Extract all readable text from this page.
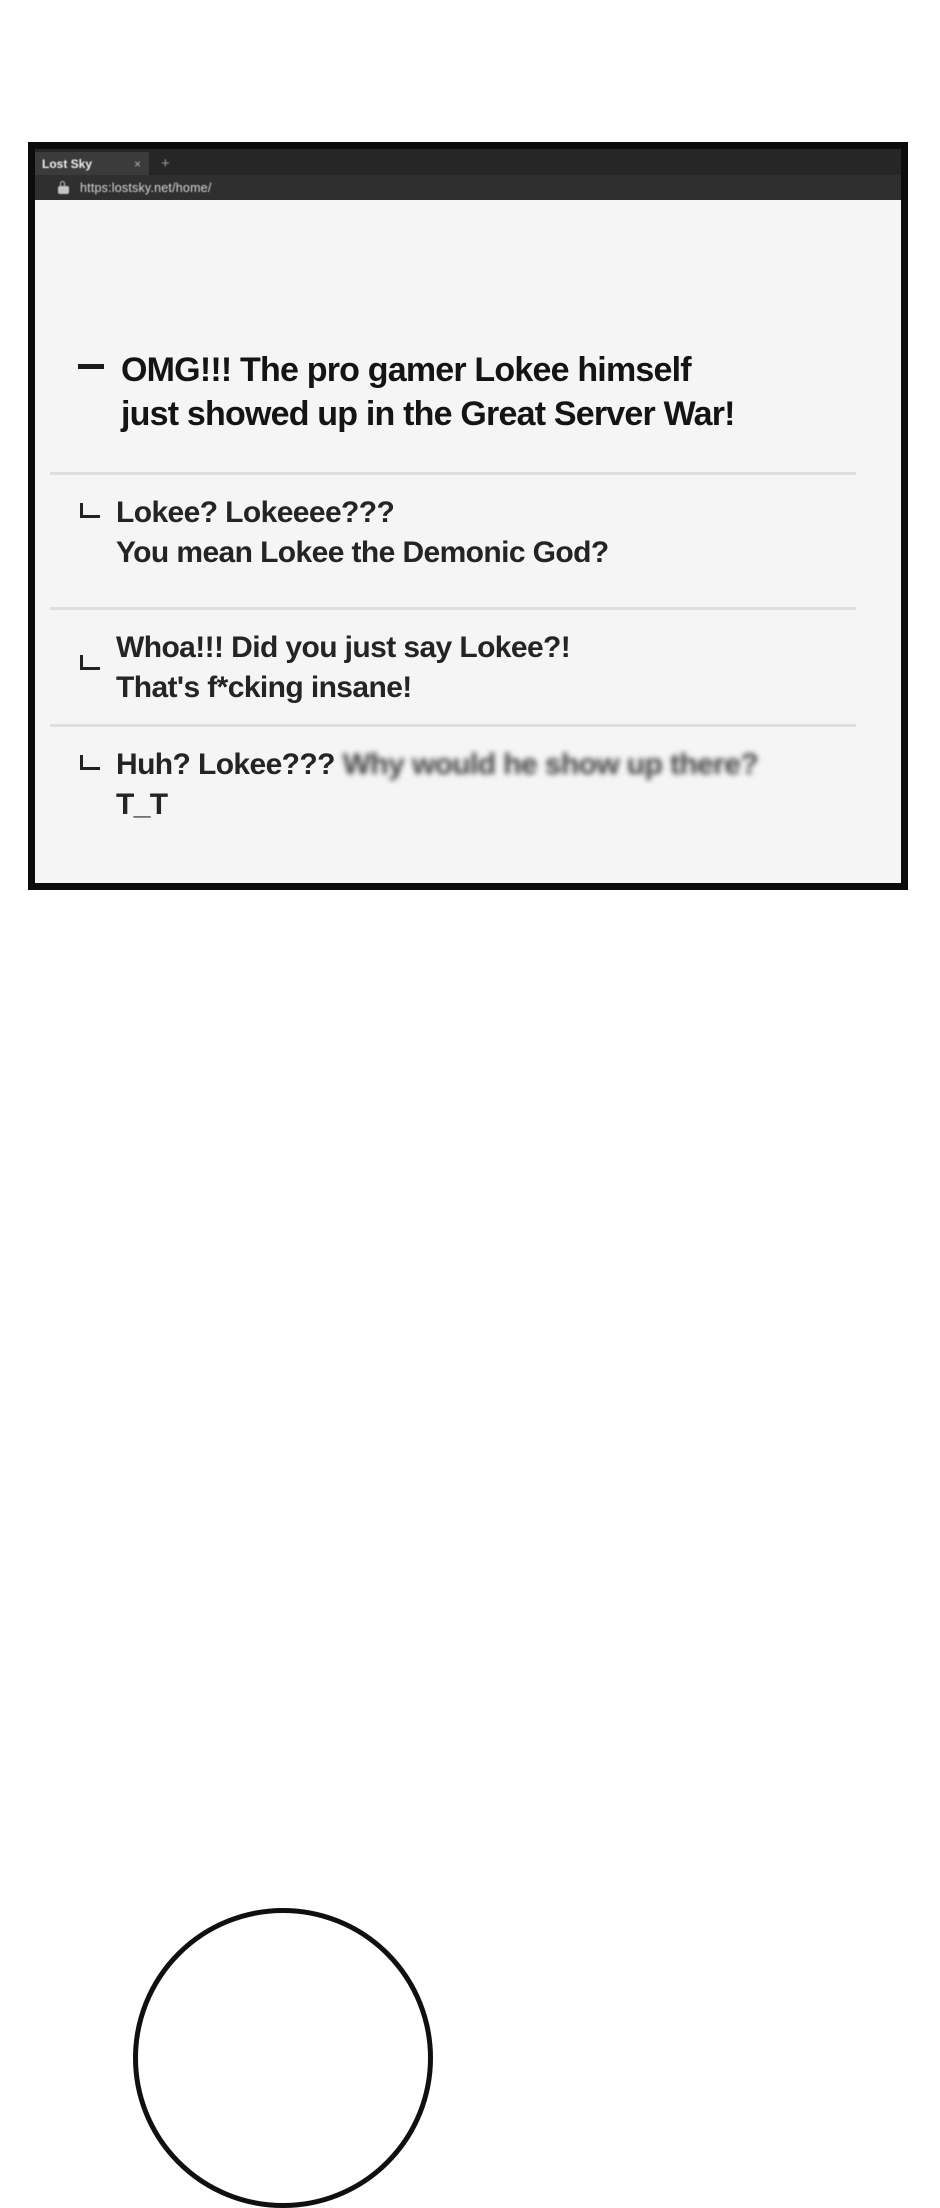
Lost Sky	× +
https:lostsky.net/home/
OMG!!! The pro gamer Lokee himself
just showed up in the Great Server War!
Lokee? Lokeeee???
You mean Lokee the Demonic God?
Whoa!!! Did you just say Lokee?!
That's f*cking insane!
Huh? Lokee??? Why would he show up there?
T_T
